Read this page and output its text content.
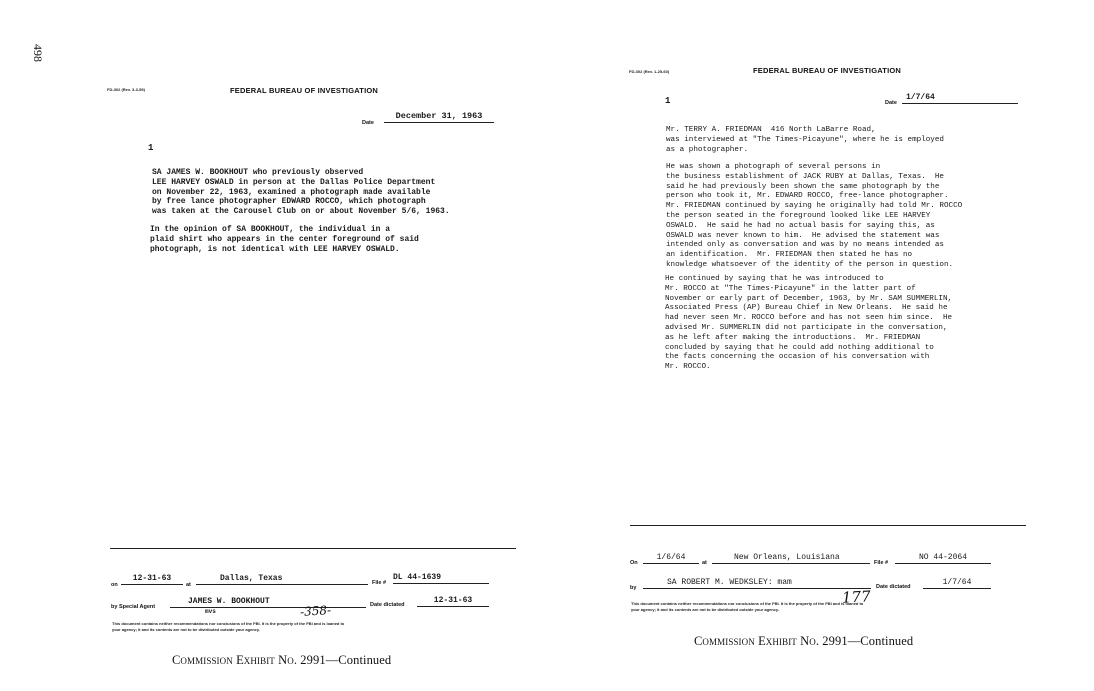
498
FD-302 (Rev. 3-3-59)	FEDERAL BUREAU OF INVESTIGATION
Date
December 31, 1963
1
SA JAMES W. BOOKHOUT who previously observed
LEE HARVEY OSWALD in person at the Dallas Police Department
on November 22, 1963, examined a photograph made available
by free lance photographer EDWARD ROCCO, which photograph
was taken at the Carousel Club on or about November 5/6, 1963.
In the opinion of SA BOOKHOUT, the individual in a
plaid shirt who appears in the center foreground of said
photograph, is not identical with LEE HARVEY OSWALD.
on
12-31-63
at
Dallas, Texas	File #
DL 44-1639
by Special Agent
JAMES W. BOOKHOUT
mvs	-358-	Date dictated	12-31-63
This document contains neither recommendations nor conclusions of the FBI. It is the property of the FBI and is loaned to
your agency; it and its contents are not to be distributed outside your agency.
Commission Exhibit No. 2991—Continued
FD-302 (Rev. 1-25-60)	FEDERAL BUREAU OF INVESTIGATION
1	Date
1/7/64
Mr. TERRY A. FRIEDMAN  416 North LaBarre Road,
was interviewed at "The Times-Picayune", where he is employed
as a photographer.
He was shown a photograph of several persons in
the business establishment of JACK RUBY at Dallas, Texas.  He
said he had previously been shown the same photograph by the
person who took it, Mr. EDWARD ROCCO, free-lance photographer.
Mr. FRIEDMAN continued by saying he originally had told Mr. ROCCO
the person seated in the foreground looked like LEE HARVEY
OSWALD.  He said he had no actual basis for saying this, as
OSWALD was never known to him.  He advised the statement was
intended only as conversation and was by no means intended as
an identification.  Mr. FRIEDMAN then stated he has no
knowledge whatsoever of the identity of the person in question.
He continued by saying that he was introduced to
Mr. ROCCO at "The Times-Picayune" in the latter part of
November or early part of December, 1963, by Mr. SAM SUMMERLIN,
Associated Press (AP) Bureau Chief in New Orleans.  He said he
had never seen Mr. ROCCO before and has not seen him since.  He
advised Mr. SUMMERLIN did not participate in the conversation,
as he left after making the introductions.  Mr. FRIEDMAN
concluded by saying that he could add nothing additional to
the facts concerning the occasion of his conversation with
Mr. ROCCO.
On
1/6/64
at
New Orleans, Louisiana
File #
NO 44-2064
by
SA ROBERT M. WEDKSLEY: mam
177
Date dictated	1/7/64
This document contains neither recommendations nor conclusions of the FBI. It is the property of the FBI and is loaned to
your agency; it and its contents are not to be distributed outside your agency.
Commission Exhibit No. 2991—Continued
